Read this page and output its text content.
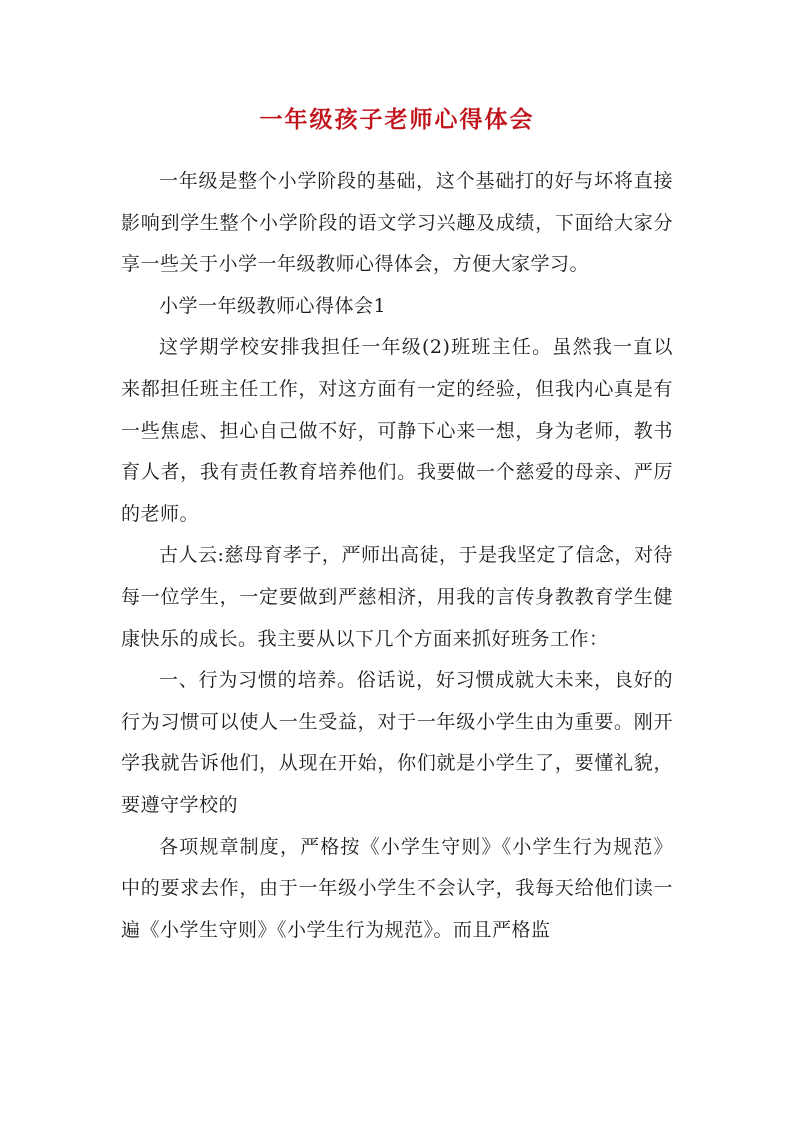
一年级孩子老师心得体会

一年级是整个小学阶段的基础，这个基础打的好与坏将直接影响到学生整个小学阶段的语文学习兴趣及成绩，下面给大家分享一些关于小学一年级教师心得体会，方便大家学习。

小学一年级教师心得体会1

这学期学校安排我担任一年级(2)班班主任。虽然我一直以来都担任班主任工作，对这方面有一定的经验，但我内心真是有一些焦虑、担心自己做不好，可静下心来一想，身为老师，教书育人者，我有责任教育培养他们。我要做一个慈爱的母亲、严厉的老师。

古人云:慈母育孝子，严师出高徒，于是我坚定了信念，对待每一位学生，一定要做到严慈相济，用我的言传身教教育学生健康快乐的成长。我主要从以下几个方面来抓好班务工作：

一、行为习惯的培养。俗话说，好习惯成就大未来，良好的行为习惯可以使人一生受益，对于一年级小学生由为重要。刚开学我就告诉他们，从现在开始，你们就是小学生了，要懂礼貌，要遵守学校的

各项规章制度，严格按《小学生守则》《小学生行为规范》中的要求去作，由于一年级小学生不会认字，我每天给他们读一遍《小学生守则》《小学生行为规范》。而且严格监
